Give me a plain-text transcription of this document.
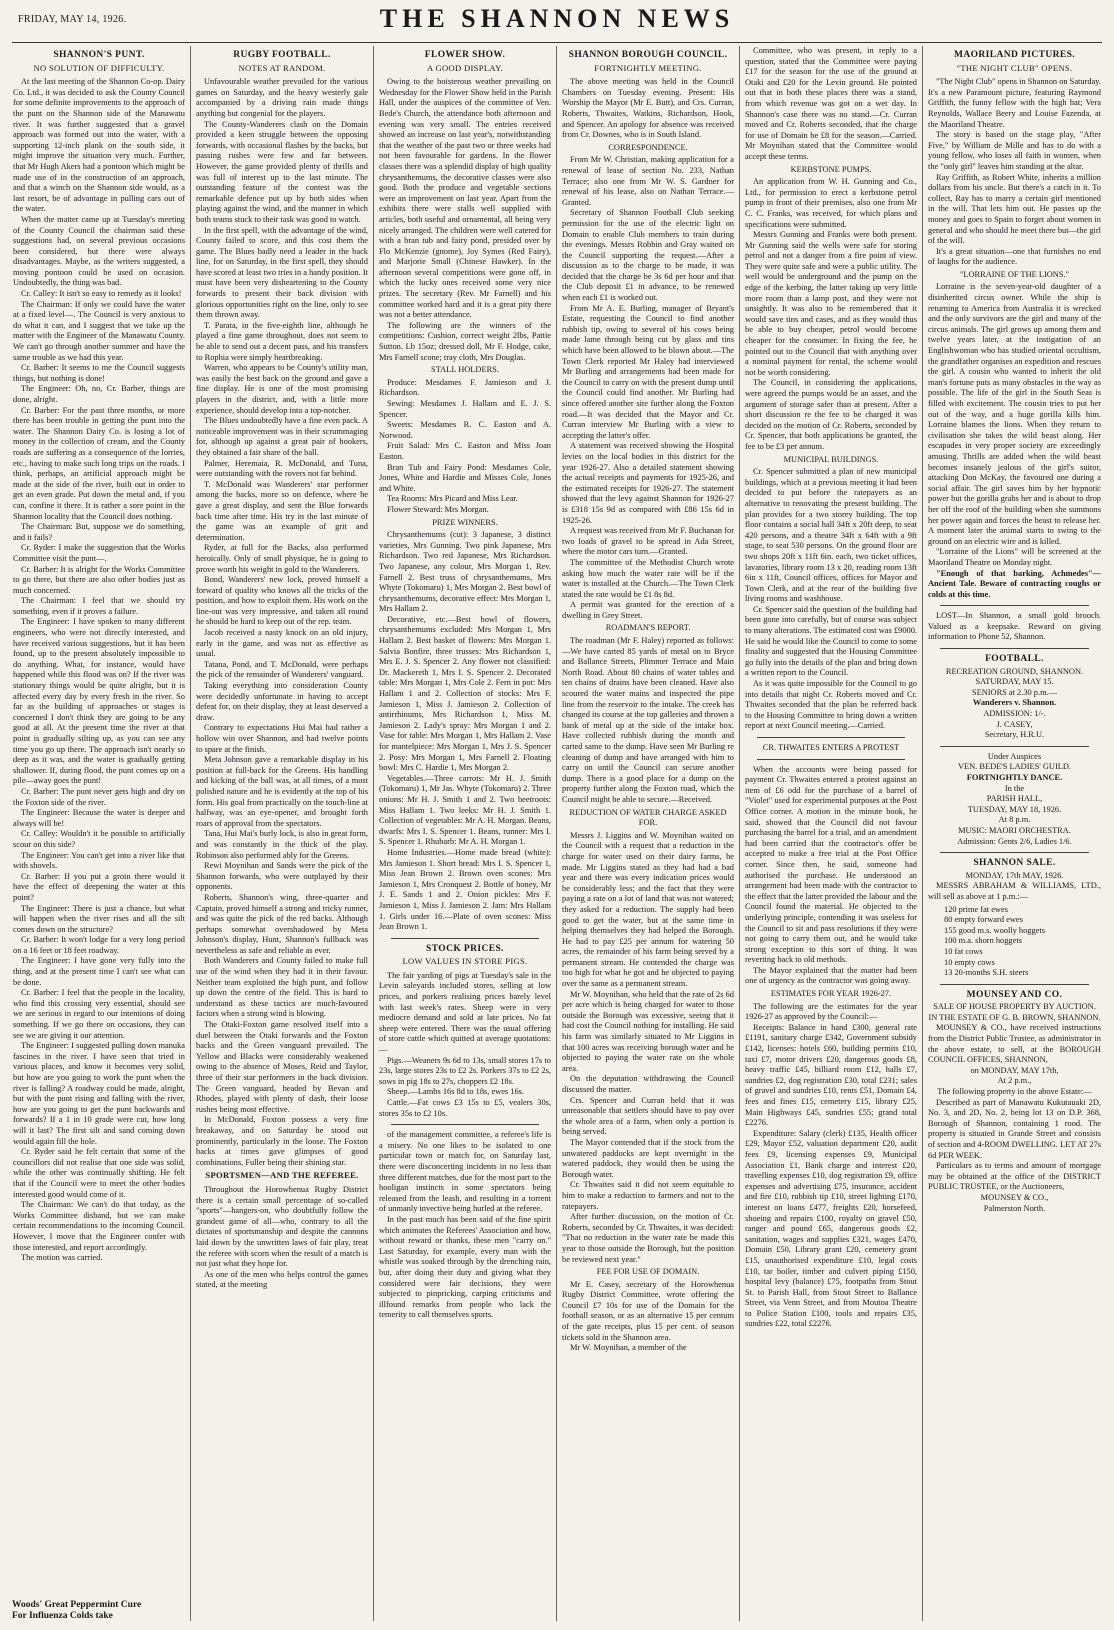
FRIDAY, MAY 14, 1926.	THE SHANNON NEWS
SHANNON'S PUNT.
NO SOLUTION OF DIFFICULTY.

At the last meeting of the Shannon Co-op. Dairy Co. Ltd., it was decided to ask the County Council for some definite improvements to the approach of the punt on the Shannon side of the Manawatu river. It was further suggested that a gravel approach was formed out into the water, with a supporting 12-inch plank on the south side, it might improve the situation very much. Further, that Mr Hugh Akers had a pontoon which might be made use of in the construction of an approach, and that a winch on the Shannon side would, as a last resort, be of advantage in pulling cars out of the water.

When the matter came up at Tuesday's meeting of the County Council the chairman said these suggestions had, on several previous occasions been considered, but there were always disadvantages. Maybe, as the writers suggested, a moving pontoon could be used on occasion. Undoubtedly, the thing was bad.

Cr. Calley: It isn't so easy to remedy as it looks!

The Chairman: If only we could have the water at a fixed level—. The Council is very anxious to do what it can, and I suggest that we take up the matter with the Engineer of the Manawatu County. We can't go through another summer and have the same trouble as we had this year.

Cr. Barber: It seems to me the Council suggests things, but nothing is done!

The Engineer: Oh, no, Cr. Barber, things are done, alright.

Cr. Barber: For the past three months, or more there has been trouble in getting the punt into the water. The Shannon Dairy Co. is losing a lot of money in the collection of cream, and the County roads are suffering as a consequence of the lorries, etc., having to make such long trips on the roads. I think, perhaps, an artificial approach might be made at the side of the river, built out in order to get an even grade. Put down the metal and, if you can, confine it there. It is rather a sore point in the Shannon locality that the Council does nothing.

The Chairman: But, suppose we do something, and it fails?

Cr. Ryder: I make the suggestion that the Works Committee visit the punt—.

Cr. Barber: It is alright for the Works Committee to go there, but there are also other bodies just as much concerned.

The Chairman: I feel that we should try something, even if it proves a failure.

The Engineer: I have spoken to many different engineers, who were not directly interested, and have received various suggestions, but it has been found, up to the present absolutely impossible to do anything. What, for instance, would have happened while this flood was on? If the river was stationary things would be quite alright, but it is affected every day by every fresh in the river. So far as the building of approaches or stages is concerned I don't think they are going to be any good at all. At the present time the river at that point is gradually silting up, as you can see any time you go up there. The approach isn't nearly so deep as it was, and the water is gradually getting shallower. If, during flood, the punt comes up on a pile—away goes the punt!

Cr. Barber: The punt never gets high and dry on the Foxton side of the river.

The Engineer: Because the water is deeper and always will be!

Cr. Calley: Wouldn't it be possible to artificially scour on this side?

The Engineer: You can't get into a river like that with shovels.

Cr. Barber: If you put a groin there would it have the effect of deepening the water at this point?

The Engineer: There is just a chance, but what will happen when the river rises and all the silt comes down on the structure?

Cr. Barber: It won't lodge for a very long period on a 16 feet or 18 feet roadway.

The Engineer: I have gone very fully into the thing, and at the present time I can't see what can be done.

Cr. Barber: I feel that the people in the locality, who find this crossing very essential, should see we are serious in regard to our intentions of doing something. If we go there on occasions, they can see we are giving it our attention.

The Engineer: I suggested pulling down manuka fascines in the river. I have seen that tried in various places, and know it becomes very solid, but how are you going to work the punt when the river is falling? A roadway could be made, alright, but with the punt rising and falling with the river, how are you going to get the punt backwards and forwards? If a 1 in 10 grade were cut, how long will it last? The first silt and sand coming down would again fill the hole.

Cr. Ryder said he felt certain that some of the councillors did not realise that one side was solid, while the other was continually shifting. He felt that if the Council were to meet the other bodies interested good would come of it.

The Chairman: We can't do that today, as the Works Committee disband, but we can make certain recommendations to the incoming Council. However, I move that the Engineer confer with those interested, and report accordingly.

The motion was carried.

RUGBY FOOTBALL.
NOTES AT RANDOM.

Unfavourable weather prevailed for the various games on Saturday, and the heavy westerly gale accompanied by a driving rain made things anything but congenial for the players.

The County-Wanderers clash on the Domain provided a keen struggle between the opposing forwards, with occasional flashes by the backs, but passing rushes were few and far between. However, the game provided plenty of thrills and was full of interest up to the last minute. The outstanding feature of the contest was the remarkable defence put up by both sides when playing against the wind, and the manner in which both teams stuck to their task was good to watch.

In the first spell, with the advantage of the wind, County failed to score, and this cost them the game. The Blues badly need a leader in the back line, for on Saturday, in the first spell, they should have scored at least two tries in a handy position. It must have been very disheartening to the County forwards to present their back division with glorious opportunities right on the line, only to see them thrown away.

T. Parata, in the five-eighth line, although he played a fine game throughout, does not seem to be able to send out a decent pass, and his transfers to Rophia were simply heartbreaking.

Warren, who appears to be County's utility man, was easily the best back on the ground and gave a fine display. He is one of the most promising players in the district, and, with a little more experience, should develop into a top-notcher.

The Blues undoubtedly have a fine even pack. A noticeable improvement was in their scrummaging for, although up against a great pair of hookers, they obtained a fair share of the ball.

Palmer, Heremaia, R. McDonald, and Tuna, were outstanding with the rovers not far behind.

T. McDonald was Wanderers' star performer among the backs, more so on defence, where he gave a great display, and sent the Blue forwards back time after time. His try in the last minute of the game was an example of grit and determination.

Ryder, at full for the Backs, also performed heroically. Only of small physique, he is going to prove worth his weight in gold to the Wanderers.

Bond, Wanderers' new lock, proved himself a forward of quality who knows all the tricks of the position, and how to exploit them. His work on the line-out was very impressive, and taken all round he should be hard to keep out of the rep. team.

Jacob received a nasty knock on an old injury, early in the game, and was not as effective as usual.

Tatana, Pond, and T. McDonald, were perhaps the pick of the remainder of Wanderers' vanguard.

Taking everything into consideration County were decidedly unfortunate in having to accept defeat for, on their display, they at least deserved a draw.

Contrary to expectations Hui Mai had rather a hollow win over Shannon, and had twelve points to spare at the finish.

Meta Johnson gave a remarkable display in his position at full-back for the Greens. His handling and kicking of the ball was, at all times, of a most polished nature and he is evidently at the top of his form. His goal from practically on the touch-line at halfway, was an eye-opener, and brought forth roars of approval from the spectators.

Tana, Hui Mai's burly lock, is also in great form, and was constantly in the thick of the play. Robinson also performed ably for the Greens.

Rewi Moynihan and Sands were the pick of the Shannon forwards, who were outplayed by their opponents.

Roberts, Shannon's wing, three-quarter and Captain, proved himself a strong and tricky runner, and was quite the pick of the red backs. Although perhaps somewhat overshadowed by Meta Johnson's display, Hunt, Shannon's fullback was nevertheless as safe and reliable as ever.

Both Wanderers and County failed to make full use of the wind when they had it in their favour. Neither team exploited the high punt, and follow up down the centre of the field. This is hard to understand as these tactics are much-favoured factors when a strong wind is blowing.

The Otaki-Foxton game resolved itself into a duel between the Otaki forwards and the Foxton backs and the Green vanguard prevailed. The Yellow and Blacks were considerably weakened owing to the absence of Moses, Reid and Taylor, three of their star performers in the back division. The Green vanguard, headed by Bevan and Rhodes, played with plenty of dash, their loose rushes being most effective.

In McDonald, Foxton possess a very fine breakaway, and on Saturday he stood out prominently, particularly in the loose. The Foxton backs at times gave glimpses of good combinations, Fuller being their shining star.

SPORTSMEN—AND THE REFEREE.

Throughout the Horowhenua Rugby District there is a certain small percentage of so-called "sports"—hangers-on, who doubtfully follow the grandest game of all—who, contrary to all the dictates of sportsmanship and despite the cannons laid down by the unwritten laws of fair play, treat the referee with scorn when the result of a match is not just what they hope for.

As one of the men who helps control the games stated, at the meeting

FLOWER SHOW.
A GOOD DISPLAY.

Owing to the boisterous weather prevailing on Wednesday for the Flower Show held in the Parish Hall, under the auspices of the committee of Ven. Bede's Church, the attendance both afternoon and evening was very small. The entries received showed an increase on last year's, notwithstanding that the weather of the past two or three weeks had not been favourable for gardens. In the flower classes there was a splendid display of high quality chrysanthemums, the decorative classes were also good. Both the produce and vegetable sections were an improvement on last year. Apart from the exhibits there were stalls well supplied with articles, both useful and ornamental, all being very nicely arranged. The children were well catered for with a bran tub and fairy pond, presided over by Flo McKenzie (gnome), Joy Symes (Red Fairy), and Marjorie Small (Chinese Hawker). In the afternoon several competitions were gone off, in which the lucky ones received some very nice prizes. The secretary (Rev. Mr Farnell) and his committee worked hard and it is a great pity there was not a better attendance.

The following are the winners of the competitions: Cushion, correct weight 2lbs, Pattie Sutton. Lb 15oz; dressed doll, Mr F. Hodge, cake, Mrs Farnell scone; tray cloth, Mrs Douglas.

STALL HOLDERS.

Produce: Mesdames F. Jamieson and J. Richardson.

Sewing: Mesdames J. Hallam and E. J. S. Spencer.

Sweets: Mesdames R. C. Easton and A. Norwood.

Fruit Salad: Mrs C. Easton and Miss Joan Easton.

Bran Tub and Fairy Pond: Mesdames Cole, Jones, White and Hardie and Misses Cole, Jones and White.

Tea Rooms: Mrs Picard and Miss Lear.

Flower Steward: Mrs Morgan.

PRIZE WINNERS.

Chrysanthemums (cut): 3 Japanese, 3 distinct varieties, Mrs Gunning. Two pink Japanese, Mrs Richardson. Two red Japanese, Mrs Richardson. Two Japanese, any colour, Mrs Morgan 1, Rev. Farnell 2. Best truss of chrysanthemums, Mrs Whyte (Tokomaru) 1, Mrs Morgan 2. Best bowl of chrysanthemums, decorative effect: Mrs Morgan 1, Mrs Hallam 2.

Decorative, etc.—Best bowl of flowers, chrysanthemums excluded: Mrs Morgan 1, Mrs Hallam 2. Best basket of flowers: Mrs Morgan 1. Salvia Bonfire, three trusses: Mrs Richardson 1, Mrs E. J. S. Spencer 2. Any flower not classified: Dr. Mackereth 1, Mrs I. S. Spencer 2. Decorated table: Mrs Morgan 1, Mrs Cole 2. Fern in pot: Mrs Hallam 1 and 2. Collection of stocks: Mrs F. Jamieson 1, Miss J. Jamieson 2. Collection of antirrhinums, Mrs Richardson 1, Miss M. Jamieson 2. Lady's spray: Mrs Morgan 1 and 2. Vase for table: Mrs Morgan 1, Mrs Hallam 2. Vase for mantelpiece: Mrs Morgan 1, Mrs J. S. Spencer 2. Posy: Mrs Morgan 1, Mrs Farnell 2. Floating bowl: Mrs C. Hardie 1, Mrs Morgan 2.

Vegetables.—Three carrots: Mr H. J. Smith (Tokomaru) 1, Mr Jas. Whyte (Tokomaru) 2. Three onions: Mr H. J. Smith 1 and 2. Two beetroots: Miss Hallam 1. Two leeks: Mr H. J. Smith 1. Collection of vegetables: Mr A. H. Morgan. Beans, dwarfs: Mrs I. S. Spencer 1. Beans, runner: Mrs I. S. Spencer 1. Rhubarb: Mr A. H. Morgan 1.

Home Industries.—Home made bread (white): Mrs Jamieson 1. Short bread: Mrs I. S. Spencer 1, Miss Jean Brown 2. Brown oven scones: Mrs Jamieson 1, Mrs Cronquest 2. Bottle of honey, Mr J. E. Sands 1 and 2. Onion pickles: Mrs F. Jamieson 1, Miss J. Jamieson 2. Jam: Mrs Hallam 1. Girls under 16.—Plate of oven scones: Miss Jean Brown 1.

STOCK PRICES.
LOW VALUES IN STORE PIGS.

The fair yarding of pigs at Tuesday's sale in the Levin saleyards included stores, selling at low prices, and porkers realising prices barely level with last week's rates. Sheep were in very mediocre demand and sold at late prices. No fat sheep were entered. There was the usual offering of store cattle which quitted at average quotations:—

Pigs.—Weaners 9s 6d to 13s, small stores 17s to 23s, large stores 23s to £2 2s. Porkers 37s to £2 2s, sows in pig 18s to 27s, choppers £2 18s.

Sheep.—Lambs 16s 8d to 18s, ewes 16s.

Cattle.—Fat cows £3 15s to £5, vealers 30s, stores 35s to £2 10s.

of the management committee, a referee's life is a misery. No one likes to be isolated to one particular town or match for, on Saturday last, there were disconcerting incidents in no less than three different matches, due for the most part to the hooligan instincts in some spectators being released from the leash, and resulting in a torrent of unmanly invective being hurled at the referee.

In the past much has been said of the fine spirit which animates the Referees' Association and how, without reward or thanks, these men "carry on." Last Saturday, for example, every man with the whistle was soaked through by the drenching rain, but, after doing their duty and giving what they considered were fair decisions, they were subjected to pinpricking, carping criticisms and illfound remarks from people who lack the temerity to call themselves sports.

SHANNON BOROUGH COUNCIL.
FORTNIGHTLY MEETING.

The above meeting was held in the Council Chambers on Tuesday evening. Present: His Worship the Mayor (Mr E. Butt), and Crs. Curran, Roberts, Thwaites, Watkins, Richardson, Hook, and Spencer. An apology for absence was received from Cr. Downes, who is in South Island.

CORRESPONDENCE.

From Mr W. Christian, making application for a renewal of lease of section No. 233, Nathan Terrace; also one from Mr W. S. Gardner for renewal of his lease, also on Nathan Terrace.—Granted.

Secretary of Shannon Football Club seeking permission for the use of the electric light on Domain to enable Club members to train during the evenings. Messrs Robbin and Gray waited on the Council supporting the request.—After a discussion as to the charge to be made, it was decided that the charge be 3s 6d per hour and that the Club deposit £1 in advance, to be renewed when each £1 is worked out.

From Mr A. E. Burling, manager of Bryant's Estate, requesting the Council to find another rubbish tip, owing to several of his cows being made lame through being cut by glass and tins which have been allowed to be blown about.—The Town Clerk reported Mr Haley had interviewed Mr Burling and arrangements had been made for the Council to carry on with the present dump until the Council could find another. Mr Burling had since offered another site further along the Foxton road.—It was decided that the Mayor and Cr. Curran interview Mr Burling with a view to accepting the latter's offer.

A statement was received showing the Hospital levies on the local bodies in this district for the year 1926-27. Also a detailed statement showing the actual receipts and payments for 1925-26, and the estimated receipts for 1926-27. The statement showed that the levy against Shannon for 1926-27 is £318 15s 9d as compared with £86 15s 6d in 1925-26.

A request was received from Mr F. Buchanan for two loads of gravel to be spread in Ada Street, where the motor cars turn.—Granted.

The committee of the Methodist Church wrote asking how much the water rate will be if the water is installed at the Church.—The Town Clerk stated the rate would be £1 8s 8d.

A permit was granted for the erection of a dwelling in Grey Street.

ROADMAN'S REPORT.

The roadman (Mr F. Haley) reported as follows:—We have carted 85 yards of metal on to Bryce and Ballance Streets, Plimmer Terrace and Main North Road. About 80 chains of water tables and ten chains of drains have been cleaned. Have also scoured the water mains and inspected the pipe line from the reservoir to the intake. The creek has changed its course at the top galleries and thrown a bank of metal up at the side of the intake box. Have collected rubbish during the month and carted same to the dump. Have seen Mr Burling re cleaning of dump and have arranged with him to carry on until the Council can secure another dump. There is a good place for a dump on the property further along the Foxton road, which the Council might be able to secure.—Received.

REDUCTION OF WATER CHARGE ASKED FOR.

Messrs J. Liggins and W. Moynihan waited on the Council with a request that a reduction in the charge for water used on their dairy farms, be made. Mr Liggins stated as they had had a bad year and there was every indication prices would be considerably less; and the fact that they were paying a rate on a lot of land that was not watered; they asked for a reduction. The supply had been good to get the water, but at the same time in helping themselves they had helped the Borough. He had to pay £25 per annum for watering 50 acres, the remainder of his farm being served by a permanent stream. He contended the charge was too high for what he got and he objected to paying over the same as a permanent stream.

Mr W. Moynihan, who held that the rate of 2s 6d per acre which is being charged for water to those outside the Borough was excessive, seeing that it had cost the Council nothing for installing. He said his farm was similarly situated to Mr Liggins in that 100 acres was receiving borough water and he objected to paying the water rate on the whole area.

On the deputation withdrawing the Council discussed the matter.

Crs. Spencer and Curran held that it was unreasonable that settlers should have to pay over the whole area of a farm, when only a portion is being served.

The Mayor contended that if the stock from the unwatered paddocks are kept overnight in the watered paddock, they would then be using the Borough water.

Cr. Thwaites said it did not seem equitable to him to make a reduction to farmers and not to the ratepayers.

After further discussion, on the motion of Cr. Roberts, seconded by Cr. Thwaites, it was decided: "That no reduction in the water rate be made this year to those outside the Borough, but the position be reviewed next year."

FEE FOR USE OF DOMAIN.

Mr E. Casey, secretary of the Horowhenua Rugby District Committee, wrote offering the Council £7 10s for use of the Domain for the football season, or as an alternative 15 per centum of the gate receipts, plus 15 per cent. of season tickets sold in the Shannon area.

Mr W. Moynihan, a member of the

Committee, who was present, in reply to a question, stated that the Committee were paying £17 for the season for the use of the ground at Otaki and £20 for the Levin ground. He pointed out that in both these places there was a stand, from which revenue was got on a wet day. In Shannon's case there was no stand.—Cr. Curran moved and Cr. Roberts seconded, that the charge for use of Domain be £8 for the season.—Carried. Mr Moynihan stated that the Committee would accept these terms.

KERBSTONE PUMPS.

An application from W. H. Gunning and Co., Ltd., for permission to erect a kerbstone petrol pump in front of their premises, also one from Mr C. C. Franks, was received, for which plans and specifications were submitted.

Messrs Gunning and Franks were both present. Mr Gunning said the wells were safe for storing petrol and not a danger from a fire point of view. They were quite safe and were a public utility. The well would be underground and the pump on the edge of the kerbing, the latter taking up very little more room than a lamp post, and they were not unsightly. It was also to be remembered that it would save tins and cases, and as they would thus be able to buy cheaper, petrol would become cheaper for the consumer. In fixing the fee, he pointed out to the Council that with anything over a nominal payment for rental, the scheme would not be worth considering.

The Council, in considering the applications, were agreed the pumps would be an asset, and the argument of storage safer than at present. After a short discussion re the fee to be charged it was decided on the motion of Cr. Roberts, seconded by Cr. Spencer, that both applications be granted, the fee to be £3 per annum.

MUNICIPAL BUILDINGS.

Cr. Spencer submitted a plan of new municipal buildings, which at a previous meeting it had been decided to put before the ratepayers as an alternative to renovating the present building. The plan provides for a two storey building. The top floor contains a social hall 34ft x 20ft deep, to seat 420 persons, and a theatre 34ft x 64ft with a 9ft stage, to seat 530 persons. On the ground floor are two shops 20ft x 11ft 6in. each, two ticket offices, lavatories, library room 13 x 20, reading room 13ft 6in x 11ft, Council offices, offices for Mayor and Town Clerk, and at the rear of the building five living rooms and washhouse.

Cr. Spencer said the question of the building had been gone into carefully, but of course was subject to many alterations. The estimated cost was £9000. He said he would like the Council to come to some finality and suggested that the Housing Committee go fully into the details of the plan and bring down a written report to the Council.

As it was quite impossible for the Council to go into details that night Cr. Roberts moved and Cr. Thwaites seconded that the plan be referred back to the Housing Committee to bring down a written report at next Council meeting.—Carried.

CR. THWAITES ENTERS A PROTEST

When the accounts were being passed for payment Cr. Thwaites entered a protest against an item of £6 odd for the purchase of a barrel of "Violet" used for experimental purposes at the Post Office corner. A motion in the minute book, he said, showed that the Council did not favour purchasing the barrel for a trial, and an amendment had been carried that the contractor's offer be accepted to make a free trial at the Post Office corner. Since then, he said, someone had authorised the purchase. He understood an arrangement had been made with the contractor to the effect that the latter provided the labour and the Council found the material. He objected to the underlying principle, contending it was useless for the Council to sit and pass resolutions if they were not going to carry them out, and he would take strong exception to this sort of thing. It was reverting back to old methods.

The Mayor explained that the matter had been one of urgency as the contractor was going away.

ESTIMATES FOR YEAR 1926-27.

The following are the estimates for the year 1926-27 as approved by the Council:—

Receipts: Balance in hand £300, general rate £1191, sanitary charge £342, Government subsidy £142, licenses: hotels £60, building permits £10, taxi £7, motor drivers £20, dangerous goods £8, heavy traffic £45, billiard room £12, halls £7, sundries £2, dog registration £30, total £231; sales of gravel and sundries £10, rents £51, Domain £4, fees and fines £15, cemetery £15, library £25, Main Highways £45, sundries £55; grand total £2276.

Expenditure: Salary (clerk) £135, Health officer £29, Mayor £52, valuation department £20, audit fees £9, licensing expenses £9, Municipal Association £1, Bank charge and interest £20, travelling expenses £10, dog registration £9, office expenses and advertising £75, insurance, accident and fire £10, rubbish tip £10, street lighting £170, interest on loans £477, freights £20, horsefeed, shoeing and repairs £100, royalty on gravel £50, ranger and pound £65, dangerous goods £2, sanitation, wages and supplies £321, wages £470, Domain £50, Library grant £20, cemetery grant £15, unauthorised expenditure £10, legal costs £10, tar boiler, timber and culvert piping £150, hospital levy (balance) £75, footpaths from Stout St. to Parish Hall, from Stout Street to Ballance Street, via Venn Street, and from Moutoa Theatre to Police Station £100, tools and repairs £35, sundries £22, total £2276.

MAORILAND PICTURES.
"THE NIGHT CLUB" OPENS.

"The Night Club" opens in Shannon on Saturday. It's a new Paramount picture, featuring Raymond Griffith, the funny fellow with the high hat; Vera Reynolds, Wallace Beery and Louise Fazenda, at the Maoriland Theatre.

The story is based on the stage play, "After Five," by William de Mille and has to do with a young fellow, who loses all faith in women, when the "only girl" leaves him standing at the altar.

Ray Griffith, as Robert White, inherits a million dollars from his uncle. But there's a catch in it. To collect, Ray has to marry a certain girl mentioned in the will. That lets him out. He passes up the money and goes to Spain to forget about women in general and who should he meet there but—the girl of the will.

It's a great situation—one that furnishes no end of laughs for the audience.

"LORRAINE OF THE LIONS."

Lorraine is the seven-year-old daughter of a disinherited circus owner. While the ship is returning to America from Australia it is wrecked and the only survivors are the girl and many of the circus animals. The girl grows up among them and twelve years later, at the instigation of an Englishwoman who has studied oriental occultism, the grandfather organises an expedition and rescues the girl. A cousin who wanted to inherit the old man's fortune puts as many obstacles in the way as possible. The life of the girl in the South Seas is filled with excitement. The cousin tries to put her out of the way, and a huge gorilla kills him. Lorraine blames the lions. When they return to civilisation she takes the wild beast along. Her escapades in very proper society are exceedingly amusing. Thrills are added when the wild beast becomes insanely jealous of the girl's suitor, attacking Don McKay, the favoured one during a social affair. The girl saves him by her hypnotic power but the gorilla grabs her and is about to drop her off the roof of the building when she summons her power again and forces the beast to release her. A moment later the animal starts to swing to the ground on an electric wire and is killed.

"Lorraine of the Lions" will be screened at the Maoriland Theatre on Monday night.

"Enough of that barking, Achmedes"—Ancient Tale. Beware of contracting coughs or colds at this time.

LOST—In Shannon, a small gold brooch. Valued as a keepsake. Reward on giving information to Phone 52, Shannon.

FOOTBALL.
RECREATION GROUND, SHANNON.
SATURDAY, MAY 15.
SENIORS at 2.30 p.m.—
Wanderers v. Shannon.
ADMISSION: 1/-.
J. CASEY,
Secretary, H.R.U.
Under Auspices
VEN. BEDE'S LADIES' GUILD.
FORTNIGHTLY DANCE.
In the
PARISH HALL,
TUESDAY, MAY 18, 1926.
At 8 p.m.
MUSIC: MAORI ORCHESTRA.
Admission: Gents 2/6, Ladies 1/6.
SHANNON SALE.
MONDAY, 17th MAY, 1926.

MESSRS ABRAHAM & WILLIAMS, LTD., will sell as above at 1 p.m.:—

120 prime fat ewes
80 empty forward ewes
155 good m.s. woolly hoggets
100 m.a. shorn hoggets
10 fat cows
10 empty cows
13 20-months S.H. steers
MOUNSEY AND CO.
SALE OF HOUSE PROPERTY BY AUCTION.
IN THE ESTATE OF G. B. BROWN, SHANNON.

MOUNSEY & CO., have received instructions from the District Public Trustee, as administrator in the above estate, to sell, at the BOROUGH COUNCIL OFFICES, SHANNON,

on MONDAY, MAY 17th,
At 2 p.m.,
The following property in the above Estate:—

Described as part of Manawatu Kukutauaki 2D, No. 3, and 2D, No. 2, being lot 13 on D.P. 368, Borough of Shannon, containing 1 rood. The property is situated in Grande Street and consists of section and 4-ROOM DWELLING. LET AT 27s 6d PER WEEK.

Particulars as to terms and amount of mortgage may be obtained at the office of the DISTRICT PUBLIC TRUSTEE, or the Auctioneers,

MOUNSEY & CO.,
Palmerston North.
Woods' Great Peppermint Cure
For Influenza Colds take
